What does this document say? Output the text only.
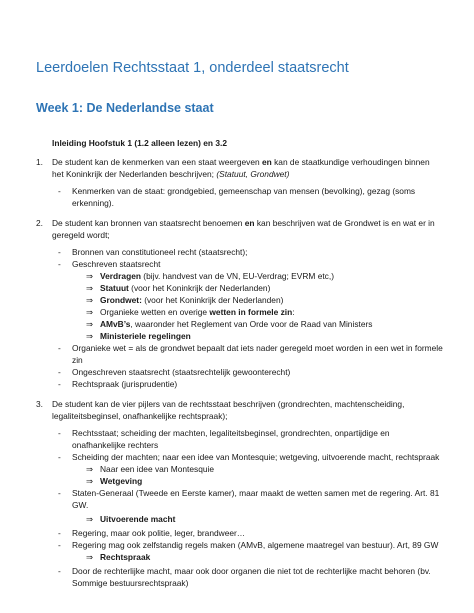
Leerdoelen Rechtsstaat 1, onderdeel staatsrecht
Week 1: De Nederlandse staat
Inleiding Hoofstuk 1 (1.2 alleen lezen) en 3.2
1. De student kan de kenmerken van een staat weergeven en kan de staatkundige verhoudingen binnen
het Koninkrijk der Nederlanden beschrijven; (Statuut, Grondwet)
- Kenmerken van de staat: grondgebied, gemeenschap van mensen (bevolking), gezag (soms
erkenning).
2. De student kan bronnen van staatsrecht benoemen en kan beschrijven wat de Grondwet is en wat er in
geregeld wordt;
- Bronnen van constitutioneel recht (staatsrecht);
- Geschreven staatsrecht
⇒ Verdragen (bijv. handvest van de VN, EU-Verdrag; EVRM etc,)
⇒ Statuut (voor het Koninkrijk der Nederlanden)
⇒ Grondwet: (voor het Koninkrijk der Nederlanden)
⇒ Organieke wetten en overige wetten in formele zin:
⇒ AMvB’s, waaronder het Reglement van Orde voor de Raad van Ministers
⇒ Ministeriele regelingen
- Organieke wet = als de grondwet bepaalt dat iets nader geregeld moet worden in een wet in formele
zin
- Ongeschreven staatsrecht (staatsrechtelijk gewoonterecht)
- Rechtspraak (jurisprudentie)
3. De student kan de vier pijlers van de rechtsstaat beschrijven (grondrechten, machtenscheiding,
legaliteitsbeginsel, onafhankelijke rechtspraak);
- Rechtsstaat; scheiding der machten, legaliteitsbeginsel, grondrechten, onpartijdige en
onafhankelijke rechters
- Scheiding der machten; naar een idee van Montesquie; wetgeving, uitvoerende macht, rechtspraak
⇒ Naar een idee van Montesquie
⇒ Wetgeving
- Staten-Generaal (Tweede en Eerste kamer), maar maakt de wetten samen met de regering. Art. 81
GW.
⇒ Uitvoerende macht
- Regering, maar ook politie, leger, brandweer…
- Regering mag ook zelfstandig regels maken (AMvB, algemene maatregel van bestuur). Art, 89 GW
⇒ Rechtspraak
- Door de rechterlijke macht, maar ook door organen die niet tot de rechterlijke macht behoren (bv.
Sommige bestuursrechtspraak)
